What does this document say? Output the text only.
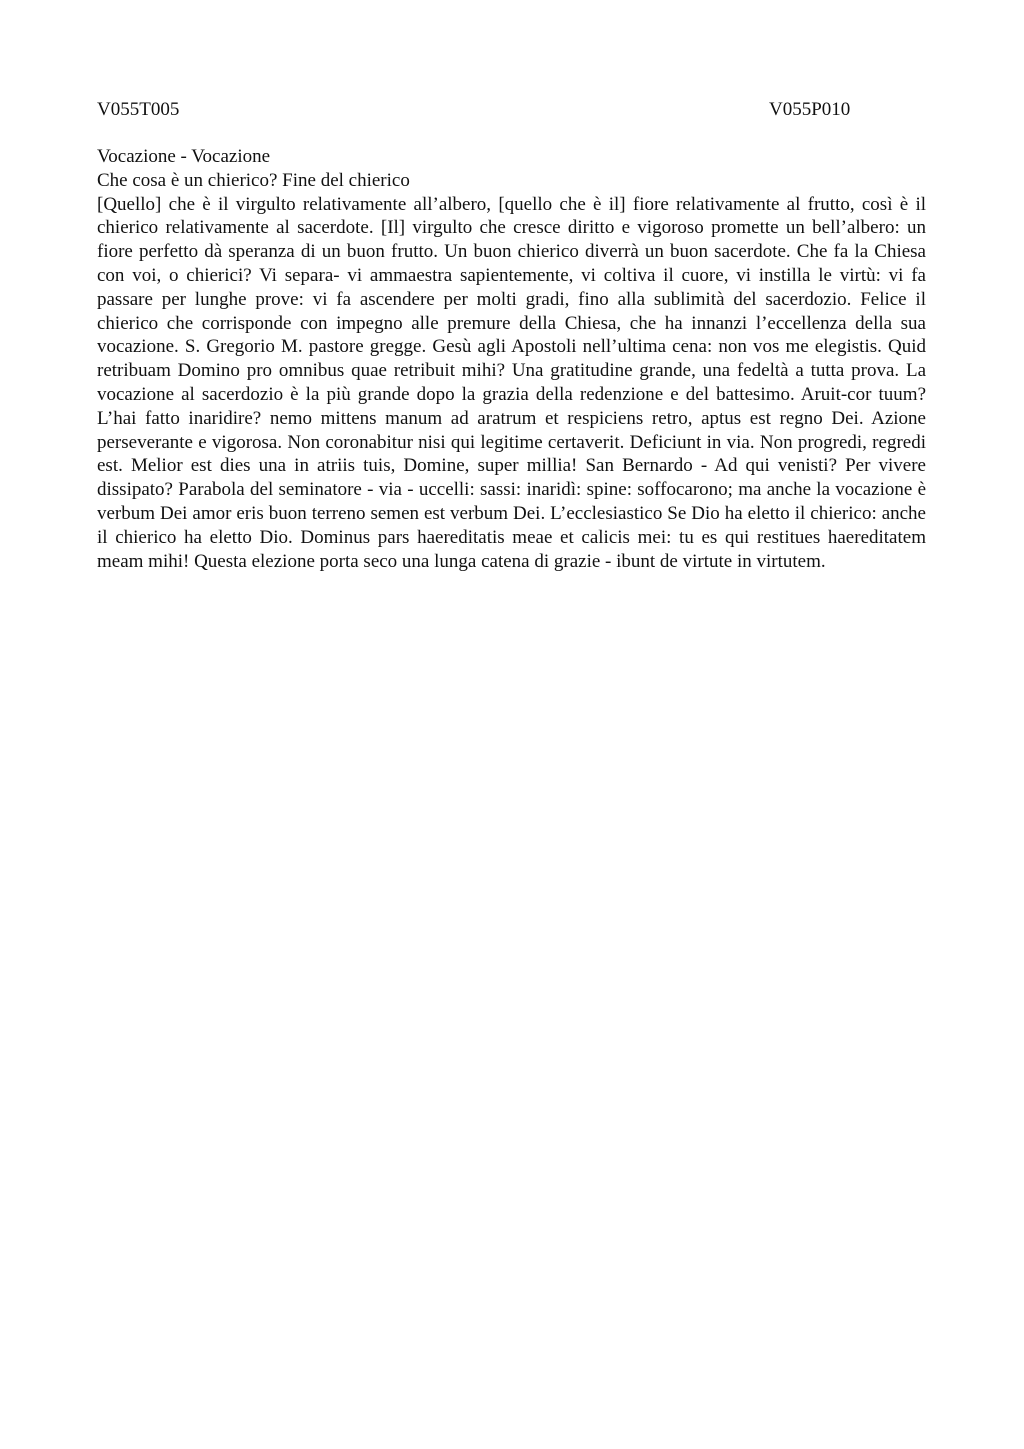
V055T005	V055P010
Vocazione - Vocazione
Che cosa è un chierico? Fine del chierico

[Quello] che è il virgulto relativamente all’albero, [quello che è il] fiore relativamente al frutto, così è il chierico relativamente al sacerdote. [Il] virgulto che cresce diritto e vigoroso promette un bell’albero: un fiore perfetto dà speranza di un buon frutto. Un buon chierico diverrà un buon sacerdote. Che fa la Chiesa con voi, o chierici? Vi separa- vi ammaestra sapientemente, vi coltiva il cuore, vi instilla le virtù: vi fa passare per lunghe prove: vi fa ascendere per molti gradi, fino alla sublimità del sacerdozio. Felice il chierico che corrisponde con impegno alle premure della Chiesa, che ha innanzi l’eccellenza della sua vocazione. S. Gregorio M. pastore gregge. Gesù agli Apostoli nell’ultima cena: non vos me elegistis. Quid retribuam Domino pro omnibus quae retribuit mihi? Una gratitudine grande, una fedeltà a tutta prova. La vocazione al sacerdozio è la più grande dopo la grazia della redenzione e del battesimo. Aruit-cor tuum? L’hai fatto inaridire? nemo mittens manum ad aratrum et respiciens retro, aptus est regno Dei. Azione perseverante e vigorosa. Non coronabitur nisi qui legitime certaverit. Deficiunt in via. Non progredi, regredi est. Melior est dies una in atriis tuis, Domine, super millia! San Bernardo - Ad qui venisti? Per vivere dissipato? Parabola del seminatore - via - uccelli: sassi: inaridì: spine: soffocarono; ma anche la vocazione è verbum Dei amor eris buon terreno semen est verbum Dei. L’ecclesiastico Se Dio ha eletto il chierico: anche il chierico ha eletto Dio. Dominus pars haereditatis meae et calicis mei: tu es qui restitues haereditatem meam mihi! Questa elezione porta seco una lunga catena di grazie - ibunt de virtute in virtutem.
